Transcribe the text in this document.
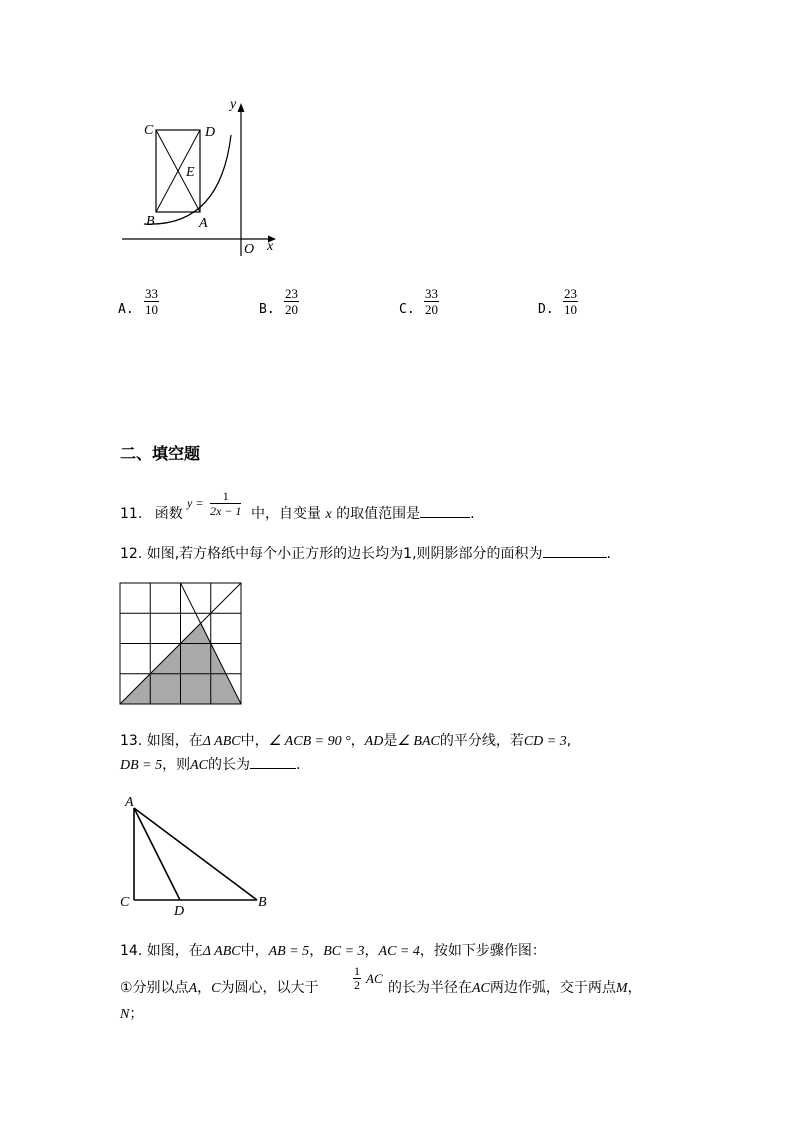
C	D
E
B	A
O x
y
A. $\frac{33}{10}$	B. $\frac{23}{20}$	C. $\frac{33}{20}$	D. $\frac{23}{10}$
二、填空题
11. 函数
$y = \frac{1}{2x - 1}$ 中，自变量 x 的取值范围是	.
12. 如图,若方格纸中每个小正方形的边长均为1,则阴影部分的面积为	.
13. 如图，在Δ ABC中，∠ ACB = 90 °，AD是∠ BAC的平分线，若CD = 3,
DB = 5，则AC的长为	.
A
C
D
B
14. 如图，在Δ ABC中，AB = 5，BC = 3，AC = 4，按如下步骤作图：
①分别以点A，C为圆心，以大于	$\frac{1}{2}$ AC
的长为半径在AC两边作弧，交于两点M，
N；
